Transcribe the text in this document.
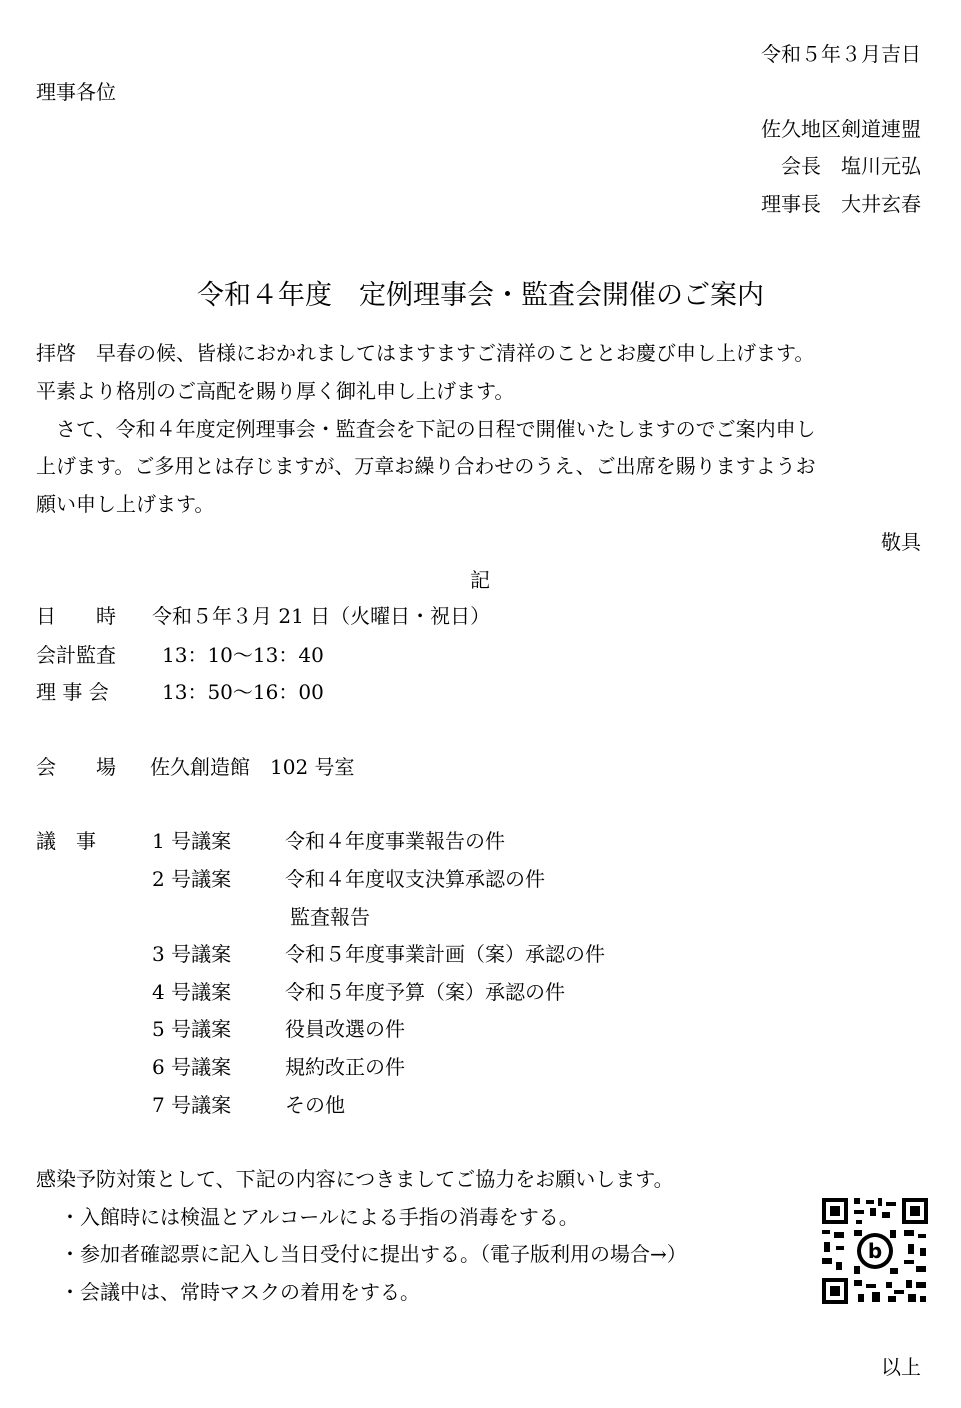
令和５年３月吉日
理事各位
佐久地区剣道連盟
会長　塩川元弘
理事長　大井玄春
令和４年度　定例理事会・監査会開催のご案内
拝啓　早春の候、皆様におかれましてはますますご清祥のこととお慶び申し上げます。
平素より格別のご高配を賜り厚く御礼申し上げます。
　さて、令和４年度定例理事会・監査会を下記の日程で開催いたしますのでご案内申し
上げます。ご多用とは存じますが、万章お繰り合わせのうえ、ご出席を賜りますようお
願い申し上げます。
敬具
記
日　　時 令和５年３月 21 日（火曜日・祝日）
会計監査 13：10〜13：40
理 事 会	13：50〜16：00
会　　場 佐久創造館　102 号室
議　事	1 号議案	令和４年度事業報告の件
2 号議案	令和４年度収支決算承認の件
監査報告
3 号議案	令和５年度事業計画（案）承認の件
4 号議案	令和５年度予算（案）承認の件
5 号議案	役員改選の件
6 号議案	規約改正の件
7 号議案	その他
感染予防対策として、下記の内容につきましてご協力をお願いします。
・入館時には検温とアルコールによる手指の消毒をする。
・参加者確認票に記入し当日受付に提出する。（電子版利用の場合→）
・会議中は、常時マスクの着用をする。
b
以上
